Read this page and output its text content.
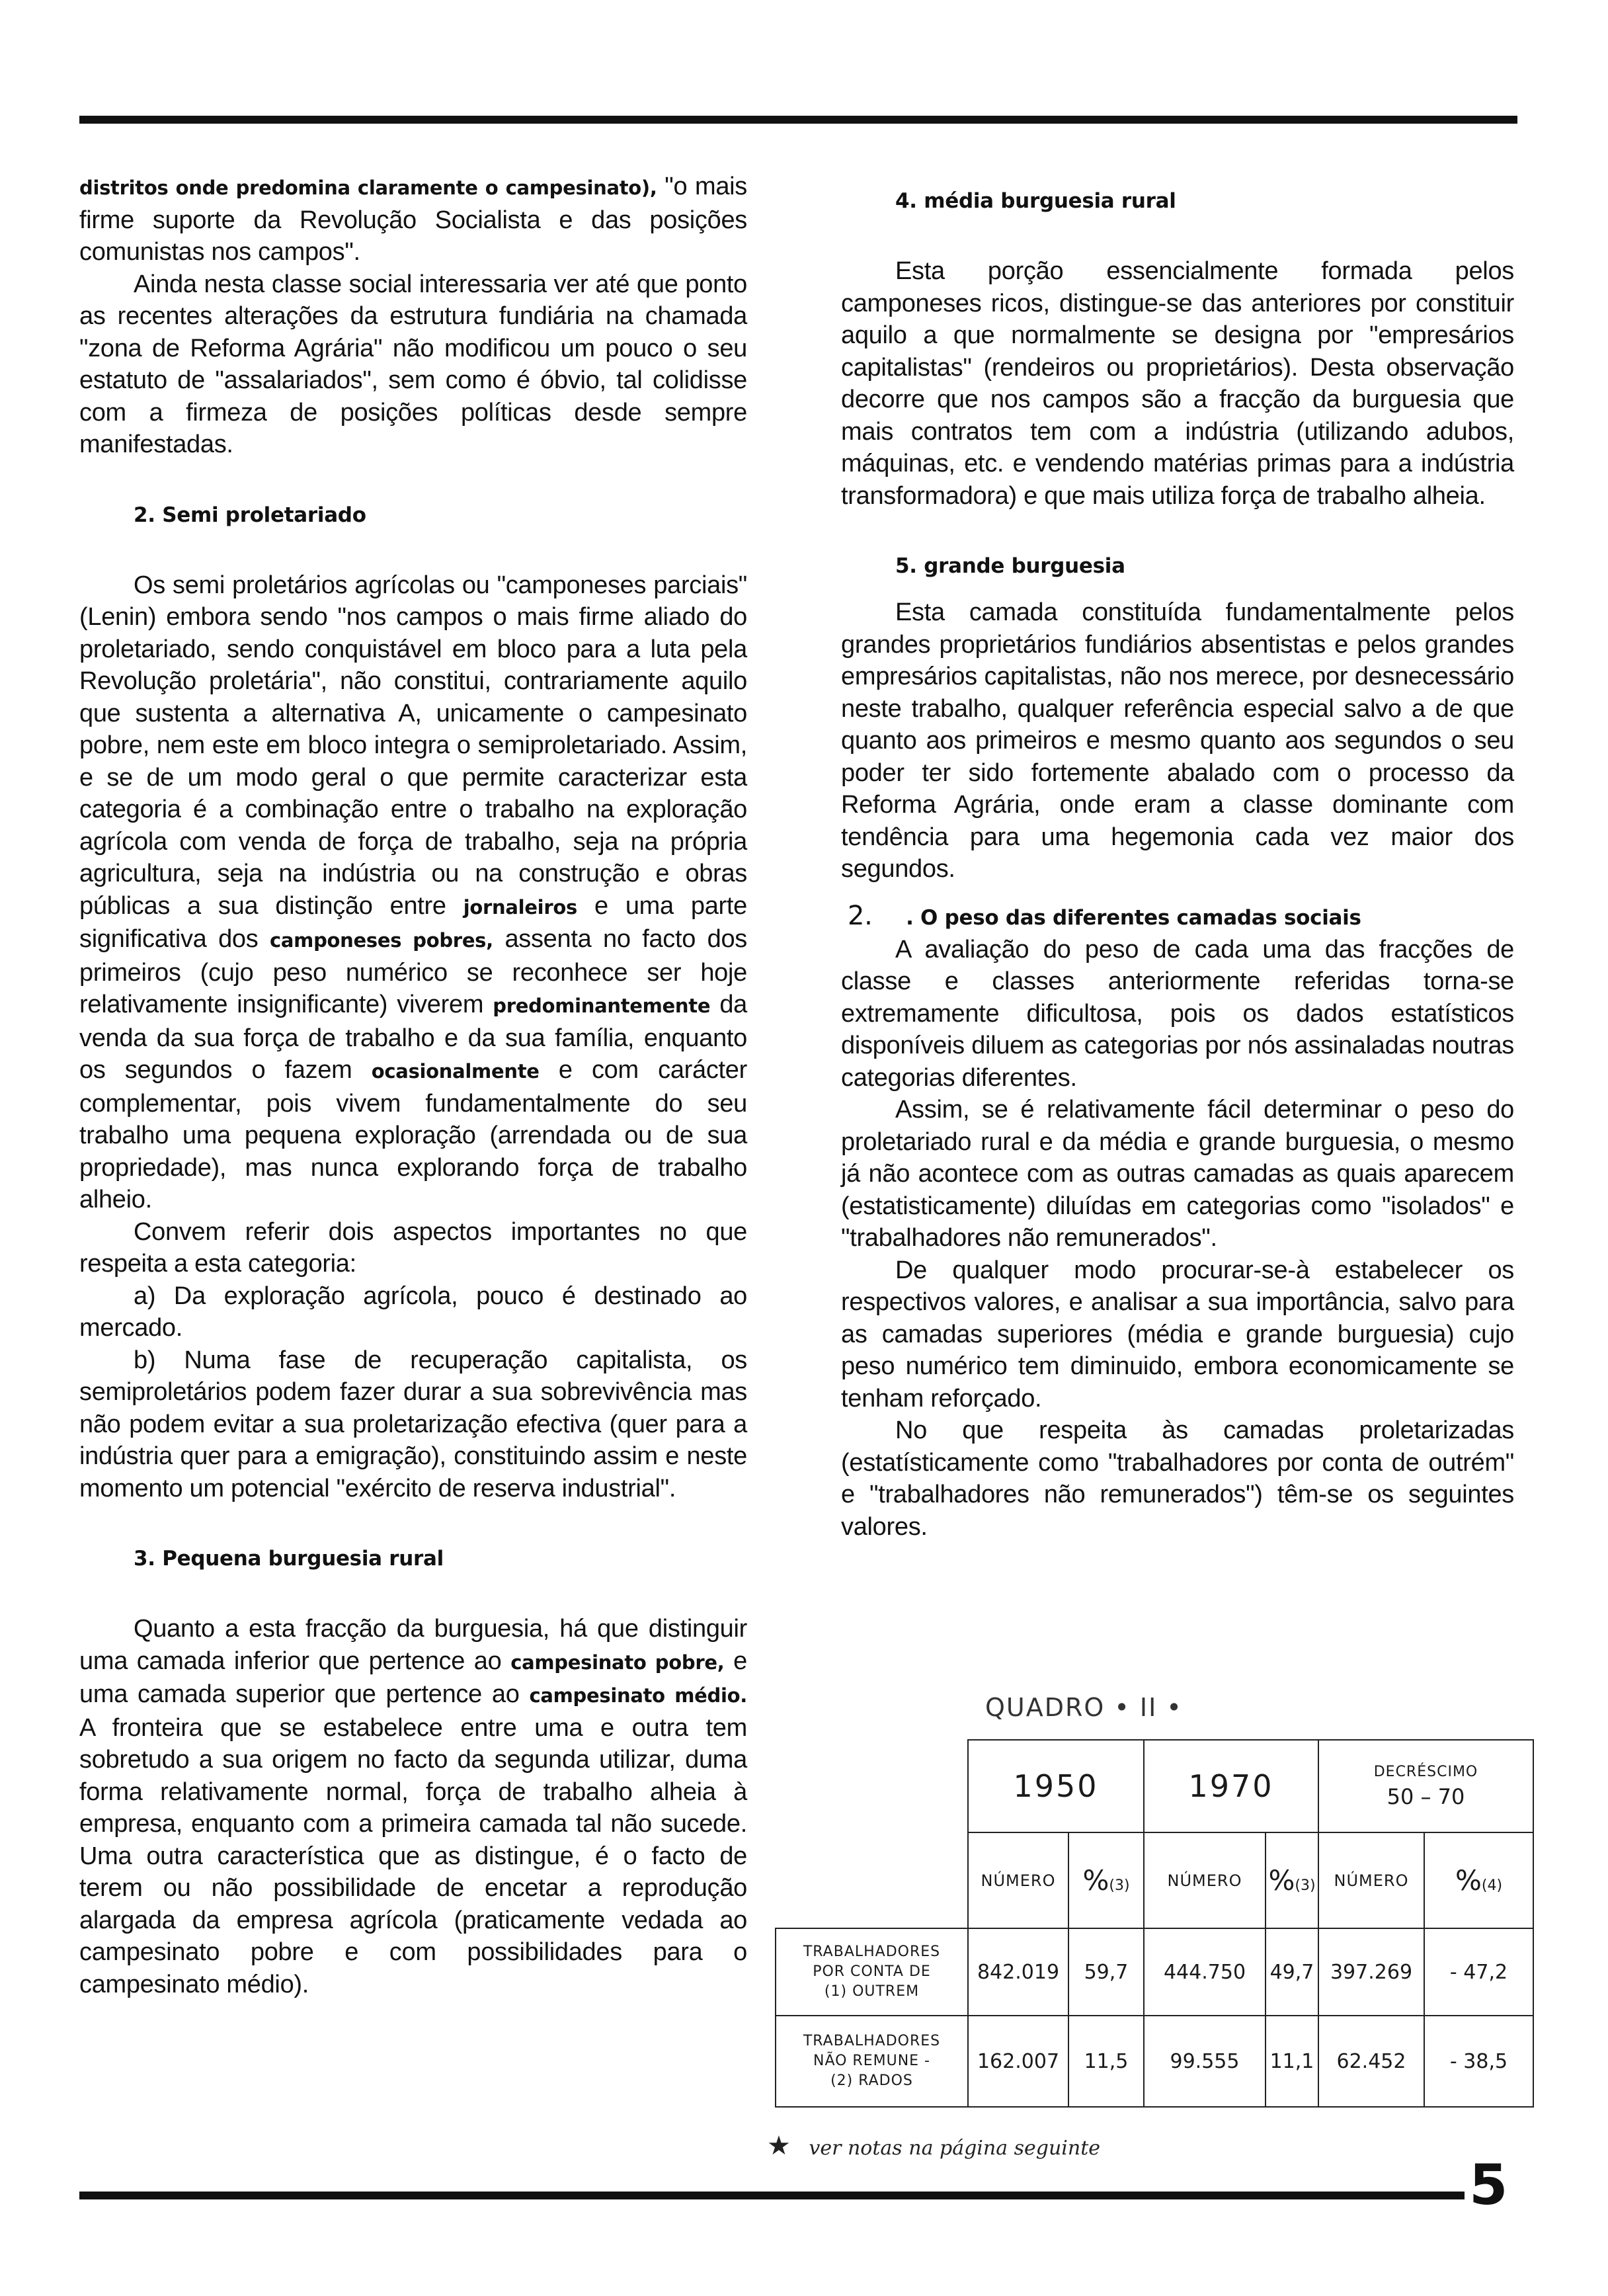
distritos onde predomina claramente o campesinato), "o mais firme suporte da Revolução Socialista e das posições comunistas nos campos".

Ainda nesta classe social interessaria ver até que ponto as recentes alterações da estrutura fundiária na chamada "zona de Reforma Agrária" não modificou um pouco o seu estatuto de "assalariados", sem como é óbvio, tal colidisse com a firmeza de posições políticas desde sempre manifestadas.

2. Semi proletariado

Os semi proletários agrícolas ou "camponeses parciais" (Lenin) embora sendo "nos campos o mais firme aliado do proletariado, sendo conquistável em bloco para a luta pela Revolução proletária", não constitui, contrariamente aquilo que sustenta a alternativa A, unicamente o campesinato pobre, nem este em bloco integra o semiproletariado. Assim, e se de um modo geral o que permite caracterizar esta categoria é a combinação entre o trabalho na exploração agrícola com venda de força de trabalho, seja na própria agricultura, seja na indústria ou na construção e obras públicas a sua distinção entre jornaleiros e uma parte significativa dos camponeses pobres, assenta no facto dos primeiros (cujo peso numérico se reconhece ser hoje relativamente insignificante) viverem predominantemente da venda da sua força de trabalho e da sua família, enquanto os segundos o fazem ocasionalmente e com carácter complementar, pois vivem fundamentalmente do seu trabalho uma pequena exploração (arrendada ou de sua propriedade), mas nunca explorando força de trabalho alheio.

Convem referir dois aspectos importantes no que respeita a esta categoria:

a) Da exploração agrícola, pouco é destinado ao mercado.

b) Numa fase de recuperação capitalista, os semiproletários podem fazer durar a sua sobrevivência mas não podem evitar a sua proletarização efectiva (quer para a indústria quer para a emigração), constituindo assim e neste momento um potencial "exército de reserva industrial".

3. Pequena burguesia rural

Quanto a esta fracção da burguesia, há que distinguir uma camada inferior que pertence ao campesinato pobre, e uma camada superior que pertence ao campesinato médio. A fronteira que se estabelece entre uma e outra tem sobretudo a sua origem no facto da segunda utilizar, duma forma relativamente normal, força de trabalho alheia à empresa, enquanto com a primeira camada tal não sucede. Uma outra característica que as distingue, é o facto de terem ou não possibilidade de encetar a reprodução alargada da empresa agrícola (praticamente vedada ao campesinato pobre e com possibilidades para o campesinato médio).

4. média burguesia rural

Esta porção essencialmente formada pelos camponeses ricos, distingue-se das anteriores por constituir aquilo a que normalmente se designa por "empresários capitalistas" (rendeiros ou proprietários). Desta observação decorre que nos campos são a fracção da burguesia que mais contratos tem com a indústria (utilizando adubos, máquinas, etc. e vendendo matérias primas para a indústria transformadora) e que mais utiliza força de trabalho alheia.

5. grande burguesia

Esta camada constituída fundamentalmente pelos grandes proprietários fundiários absentistas e pelos grandes empresários capitalistas, não nos merece, por desnecessário neste trabalho, qualquer referência especial salvo a de que quanto aos primeiros e mesmo quanto aos segundos o seu poder ter sido fortemente abalado com o processo da Reforma Agrária, onde eram a classe dominante com tendência para uma hegemonia cada vez maior dos segundos.

2. . O peso das diferentes camadas sociais

A avaliação do peso de cada uma das fracções de classe e classes anteriormente referidas torna-se extremamente dificultosa, pois os dados estatísticos disponíveis diluem as categorias por nós assinaladas noutras categorias diferentes.

Assim, se é relativamente fácil determinar o peso do proletariado rural e da média e grande burguesia, o mesmo já não acontece com as outras camadas as quais aparecem (estatisticamente) diluídas em categorias como "isolados" e "trabalhadores não remunerados".

De qualquer modo procurar-se-à estabelecer os respectivos valores, e analisar a sua importância, salvo para as camadas superiores (média e grande burguesia) cujo peso numérico tem diminuido, embora economicamente se tenham reforçado.

No que respeita às camadas proletarizadas (estatísticamente como "trabalhadores por conta de outrém" e "trabalhadores não remunerados") têm-se os seguintes valores.

QUADRO • II •
	1950		1970		DECRÉSCIMO
50 – 70	

	NÚMERO	%(3)	NÚMERO	%(3)	NÚMERO	%(4)

TRABALHADORES
POR CONTA DE
(1) OUTREM	842.019	59,7	444.750	49,7	397.269	- 47,2

TRABALHADORES
NÃO REMUNE -
(2) RADOS	162.007	11,5	99.555	11,1	62.452	- 38,5
★ ver notas na página seguinte
5
